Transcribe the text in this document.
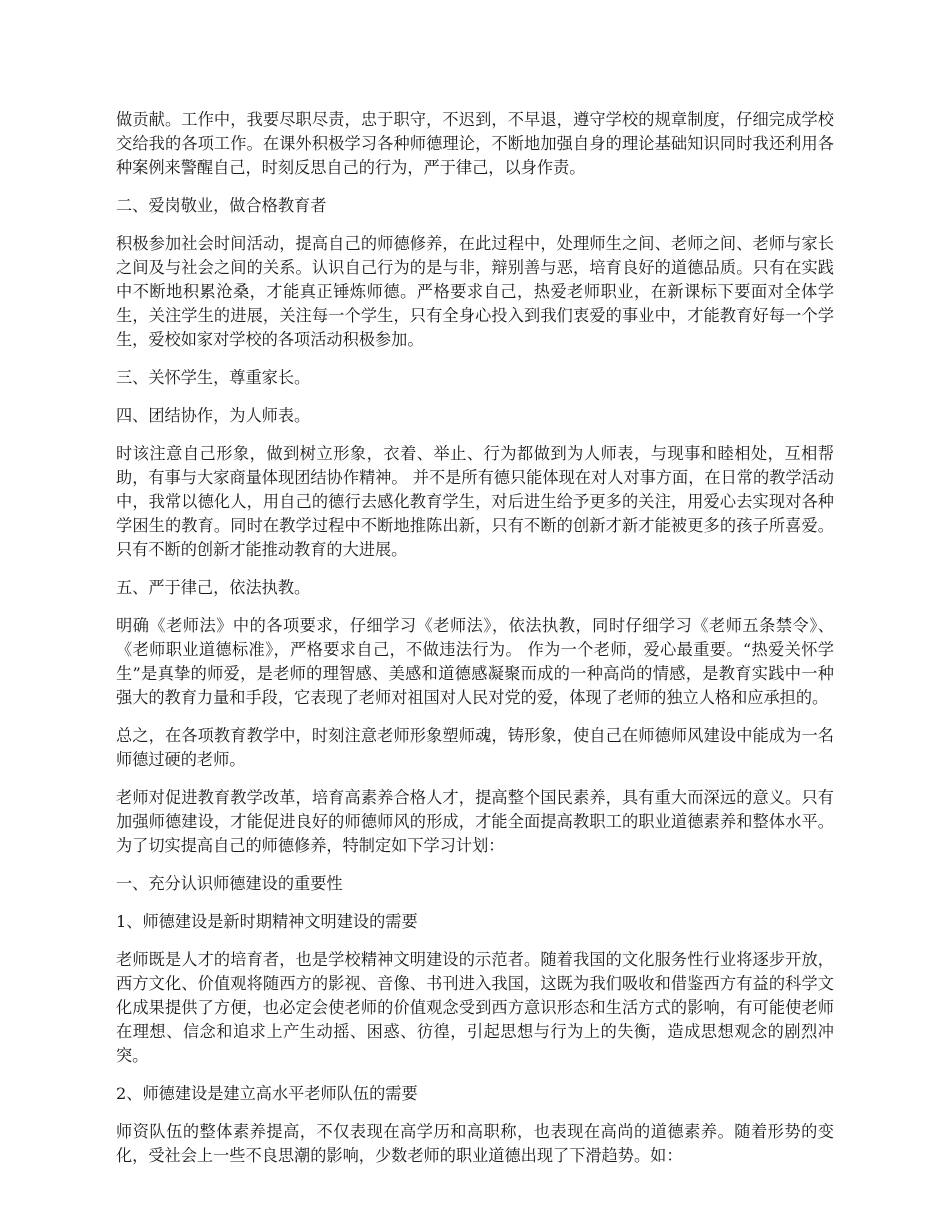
做贡献。工作中，我要尽职尽责，忠于职守，不迟到，不早退，遵守学校的规章制度，仔细完成学校交给我的各项工作。在课外积极学习各种师德理论，不断地加强自身的理论基础知识同时我还利用各种案例来警醒自己，时刻反思自己的行为，严于律己，以身作责。

二、爱岗敬业，做合格教育者

积极参加社会时间活动，提高自己的师德修养，在此过程中，处理师生之间、老师之间、老师与家长之间及与社会之间的关系。认识自己行为的是与非，辩别善与恶，培育良好的道德品质。只有在实践中不断地积累沧桑，才能真正锤炼师德。严格要求自己，热爱老师职业，在新课标下要面对全体学生，关注学生的进展，关注每一个学生，只有全身心投入到我们衷爱的事业中，才能教育好每一个学生，爱校如家对学校的各项活动积极参加。

三、关怀学生，尊重家长。

四、团结协作，为人师表。

时该注意自己形象，做到树立形象，衣着、举止、行为都做到为人师表，与现事和睦相处，互相帮助，有事与大家商量体现团结协作精神。 并不是所有德只能体现在对人对事方面，在日常的教学活动中，我常以德化人，用自己的德行去感化教育学生，对后进生给予更多的关注，用爱心去实现对各种学困生的教育。同时在教学过程中不断地推陈出新，只有不断的创新才新才能被更多的孩子所喜爱。只有不断的创新才能推动教育的大进展。

五、严于律己，依法执教。

明确《老师法》中的各项要求，仔细学习《老师法》，依法执教，同时仔细学习《老师五条禁令》、《老师职业道德标准》，严格要求自己，不做违法行为。 作为一个老师，爱心最重要。“热爱关怀学生”是真挚的师爱，是老师的理智感、美感和道德感凝聚而成的一种高尚的情感，是教育实践中一种强大的教育力量和手段，它表现了老师对祖国对人民对党的爱，体现了老师的独立人格和应承担的。

总之，在各项教育教学中，时刻注意老师形象塑师魂，铸形象，使自己在师德师风建设中能成为一名师德过硬的老师。

老师对促进教育教学改革，培育高素养合格人才，提高整个国民素养，具有重大而深远的意义。只有加强师德建设，才能促进良好的师德师风的形成，才能全面提高教职工的职业道德素养和整体水平。为了切实提高自己的师德修养，特制定如下学习计划：

一、充分认识师德建设的重要性

1、师德建设是新时期精神文明建设的需要

老师既是人才的培育者，也是学校精神文明建设的示范者。随着我国的文化服务性行业将逐步开放，西方文化、价值观将随西方的影视、音像、书刊进入我国，这既为我们吸收和借鉴西方有益的科学文化成果提供了方便，也必定会使老师的价值观念受到西方意识形态和生活方式的影响，有可能使老师在理想、信念和追求上产生动摇、困惑、彷徨，引起思想与行为上的失衡，造成思想观念的剧烈冲突。

2、师德建设是建立高水平老师队伍的需要

师资队伍的整体素养提高，不仅表现在高学历和高职称，也表现在高尚的道德素养。随着形势的变化，受社会上一些不良思潮的影响，少数老师的职业道德出现了下滑趋势。如：
